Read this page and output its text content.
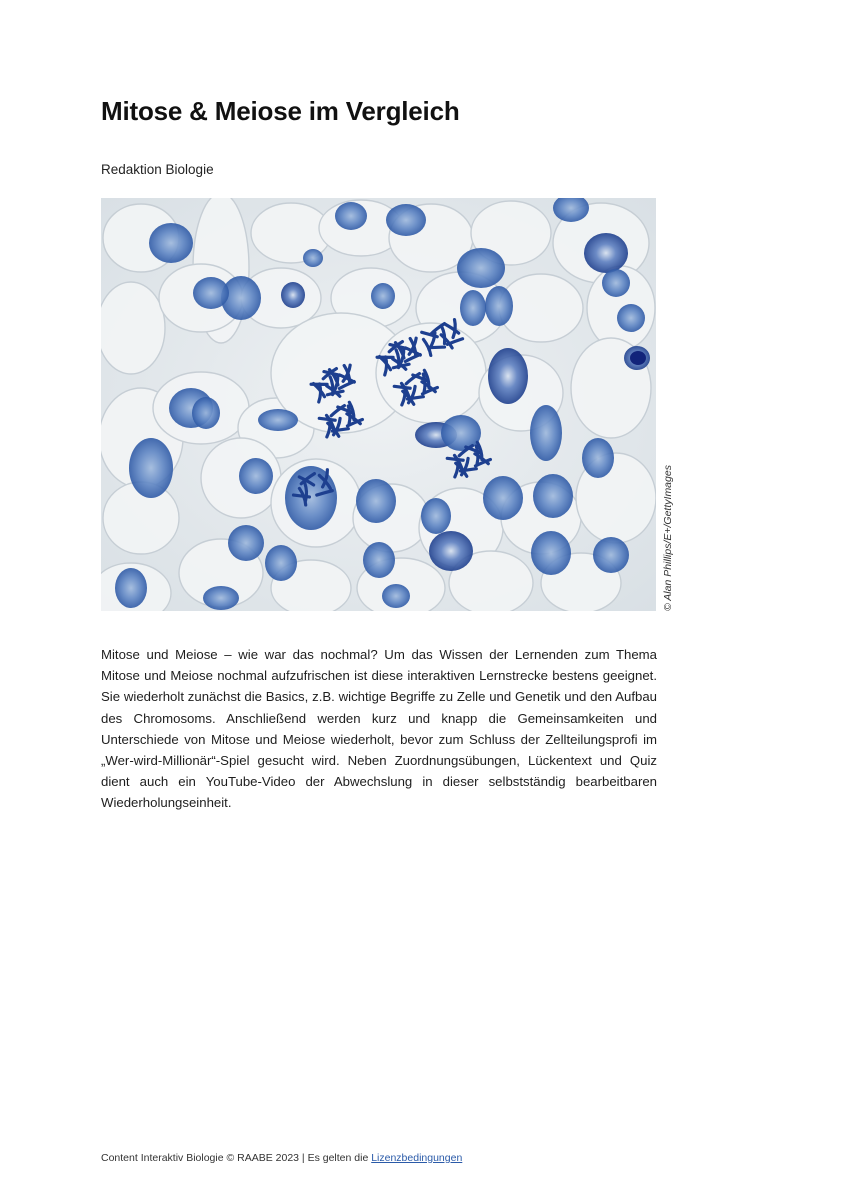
Mitose & Meiose im Vergleich
Redaktion Biologie
© Alan Phillips/E+/GettyImages

Mitose und Meiose – wie war das nochmal? Um das Wissen der Lernenden zum Thema Mitose und Meiose nochmal aufzufrischen ist diese interaktiven Lernstrecke bestens geeignet. Sie wiederholt zunächst die Basics, z.B. wichtige Begriffe zu Zelle und Genetik und den Aufbau des Chromosoms. Anschließend werden kurz und knapp die Gemeinsamkeiten und Unterschiede von Mitose und Meiose wiederholt, bevor zum Schluss der Zellteilungsprofi im „Wer-wird-Millionär“-Spiel gesucht wird. Neben Zuordnungsübungen, Lückentext und Quiz dient auch ein YouTube-Video der Abwechslung in dieser selbstständig bearbeitbaren Wiederholungseinheit.

Content Interaktiv Biologie © RAABE 2023 | Es gelten die Lizenzbedingungen
